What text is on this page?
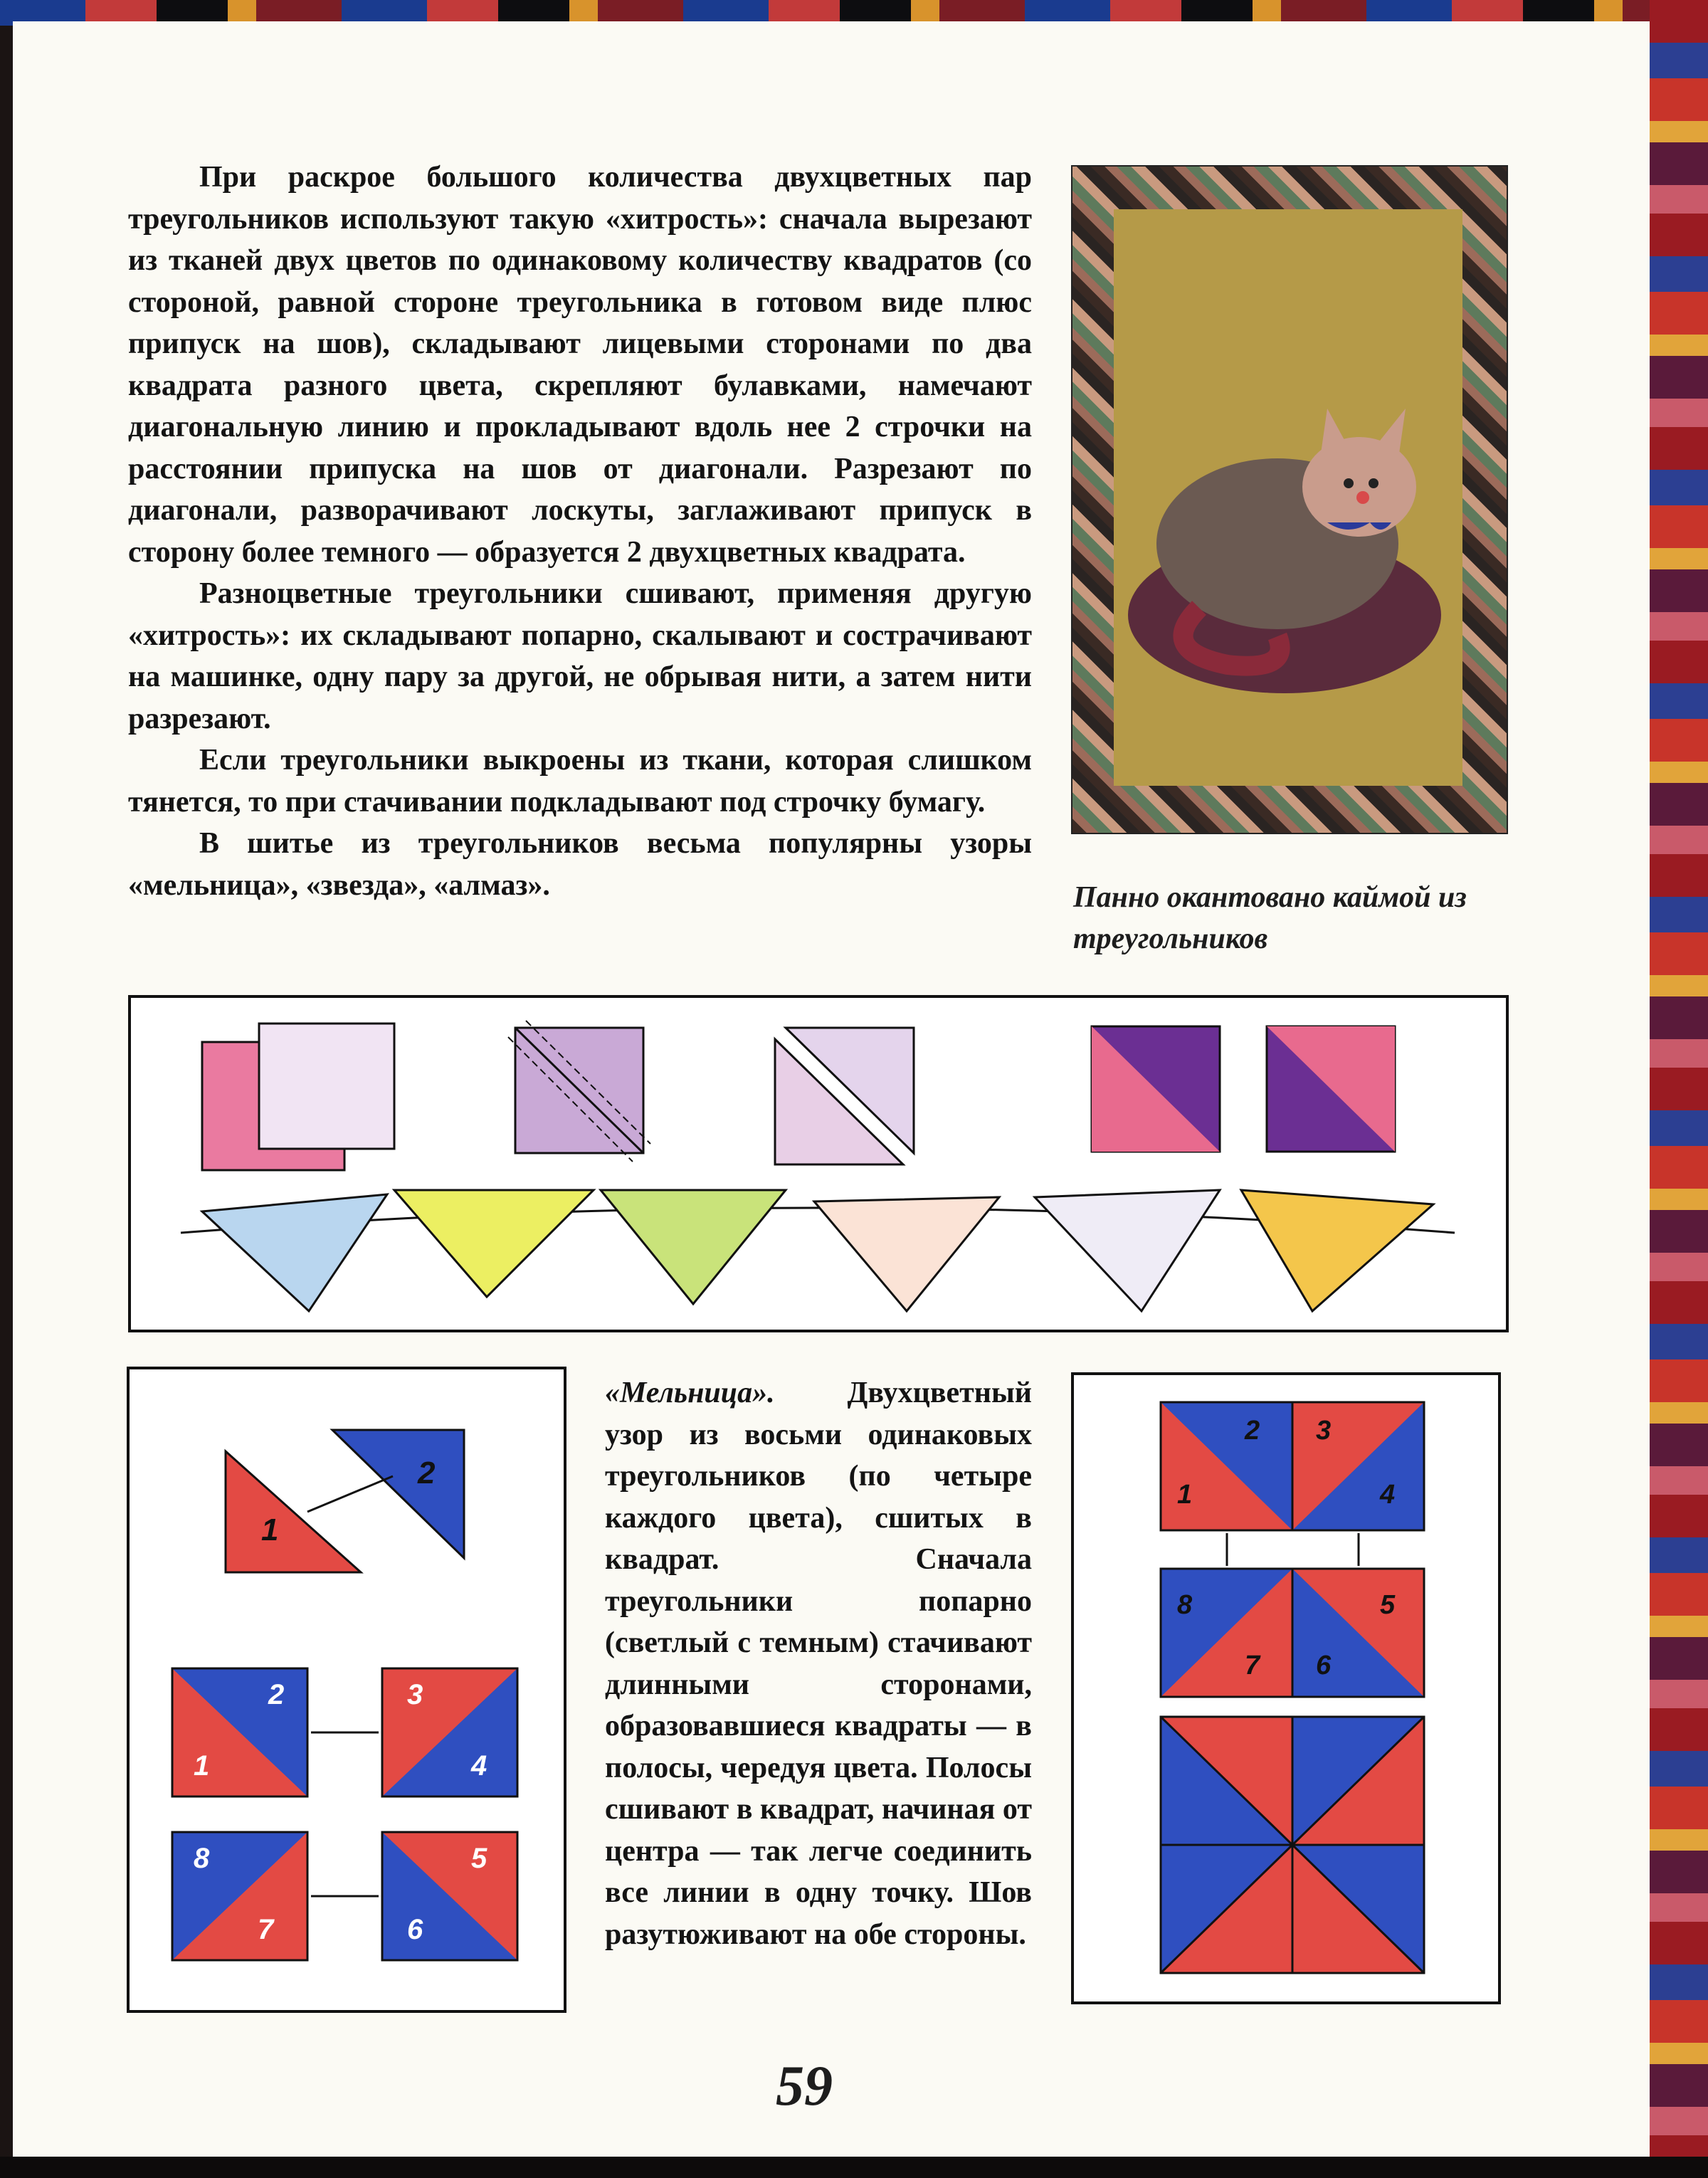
При раскрое большого количества двухцветных пар треугольников используют такую «хитрость»: сначала вырезают из тканей двух цветов по одинаковому количеству квадратов (со стороной, равной стороне треугольника в готовом виде плюс припуск на шов), складывают лицевыми сторонами по два квадрата разного цвета, скрепляют булавками, намечают диагональную линию и прокладывают вдоль нее 2 строчки на расстоянии припуска на шов от диагонали. Разрезают по диагонали, разворачивают лоскуты, заглаживают припуск в сторону более темного — образуется 2 двухцветных квадрата.

Разноцветные треугольники сшивают, применяя другую «хитрость»: их складывают попарно, скалывают и сострачивают на машинке, одну пару за другой, не обрывая нити, а затем нити разрезают.

Если треугольники выкроены из ткани, которая слишком тянется, то при стачивании подкладывают под строчку бумагу.

В шитье из треугольников весьма популярны узоры «мельница», «звезда», «алмаз».	Панно окантовано каймой из треугольников
1
2
1
2	3
4
8
7	6
5
«Мельница». Двухцветный узор из восьми одинаковых треугольников (по четыре каждого цвета), сшитых в квадрат. Сначала треугольники попарно (светлый с темным) стачивают длинными сторонами, образовавшиеся квадраты — в полосы, чередуя цвета. Полосы сшивают в квадрат, начиная от центра — так легче соединить все линии в одну точку. Шов разутюживают на обе стороны.
1
2 3
4
8
7 6
5
59
